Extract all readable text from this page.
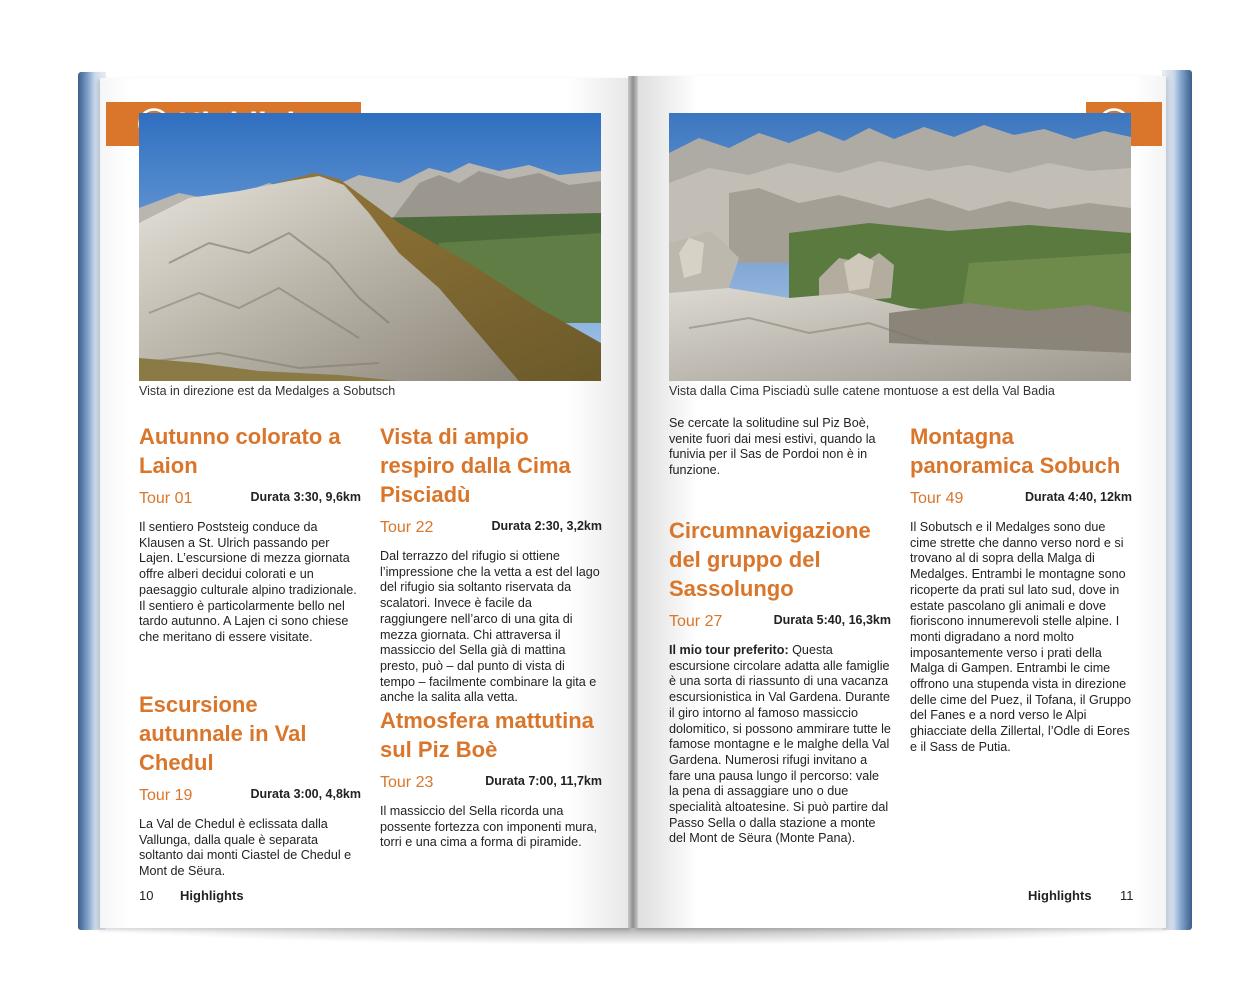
Vista in direzione est da Medalges a Sobutsch	Vista dalla Cima Pisciadù sulle catene montuose a est della Val Badia
Autunno colorato a Laion
Tour 01	Durata 3:30, 9,6km
Il sentiero Poststeig conduce da Klausen a St. Ulrich passando per Lajen. L’escursione di mezza giornata offre alberi decidui colorati e un paesaggio culturale alpino tradizionale. Il sentiero è particolarmente bello nel tardo autunno. A Lajen ci sono chiese che meritano di essere visitate.
Escursione autunnale in Val Chedul
Tour 19	Durata 3:00, 4,8km
La Val de Chedul è eclissata dalla Vallunga, dalla quale è separata soltanto dai monti Ciastel de Chedul e Mont de Sëura.
Vista di ampio respiro dalla Cima Pisciadù
Tour 22	Durata 2:30, 3,2km
Dal terrazzo del rifugio si ottiene l’impressione che la vetta a est del lago del rifugio sia soltanto riservata da scalatori. Invece è facile da raggiungere nell’arco di una gita di mezza giornata. Chi attraversa il massiccio del Sella già di mattina presto, può – dal punto di vista di tempo – facilmente combinare la gita e anche la salita alla vetta.
Atmosfera mattutina sul Piz Boè
Tour 23	Durata 7:00, 11,7km
Il massiccio del Sella ricorda una possente fortezza con imponenti mura, torri e una cima a forma di piramide.
Se cercate la solitudine sul Piz Boè, venite fuori dai mesi estivi, quando la funivia per il Sas de Pordoi non è in funzione.
Circumnavigazione del gruppo del Sassolungo
Tour 27	Durata 5:40, 16,3km
Il mio tour preferito: Questa escursione circolare adatta alle famiglie è una sorta di riassunto di una vacanza escursionistica in Val Gardena. Durante il giro intorno al famoso massiccio dolomitico, si possono ammirare tutte le famose montagne e le malghe della Val Gardena. Numerosi rifugi invitano a fare una pausa lungo il percorso: vale la pena di assaggiare uno o due specialità altoatesine. Si può partire dal Passo Sella o dalla stazione a monte del Mont de Sëura (Monte Pana).
Montagna panoramica Sobuch
Tour 49	Durata 4:40, 12km
Il Sobutsch e il Medalges sono due cime strette che danno verso nord e si trovano al di sopra della Malga di Medalges. Entrambi le montagne sono ricoperte da prati sul lato sud, dove in estate pascolano gli animali e dove fioriscono innumerevoli stelle alpine. I monti digradano a nord molto imposantemente verso i prati della Malga di Gampen. Entrambi le cime offrono una stupenda vista in direzione delle cime del Puez, il Tofana, il Gruppo del Fanes e a nord verso le Alpi ghiacciate della Zillertal, l’Odle di Eores e il Sass de Putia.
10 Highlights	Highlights 11
